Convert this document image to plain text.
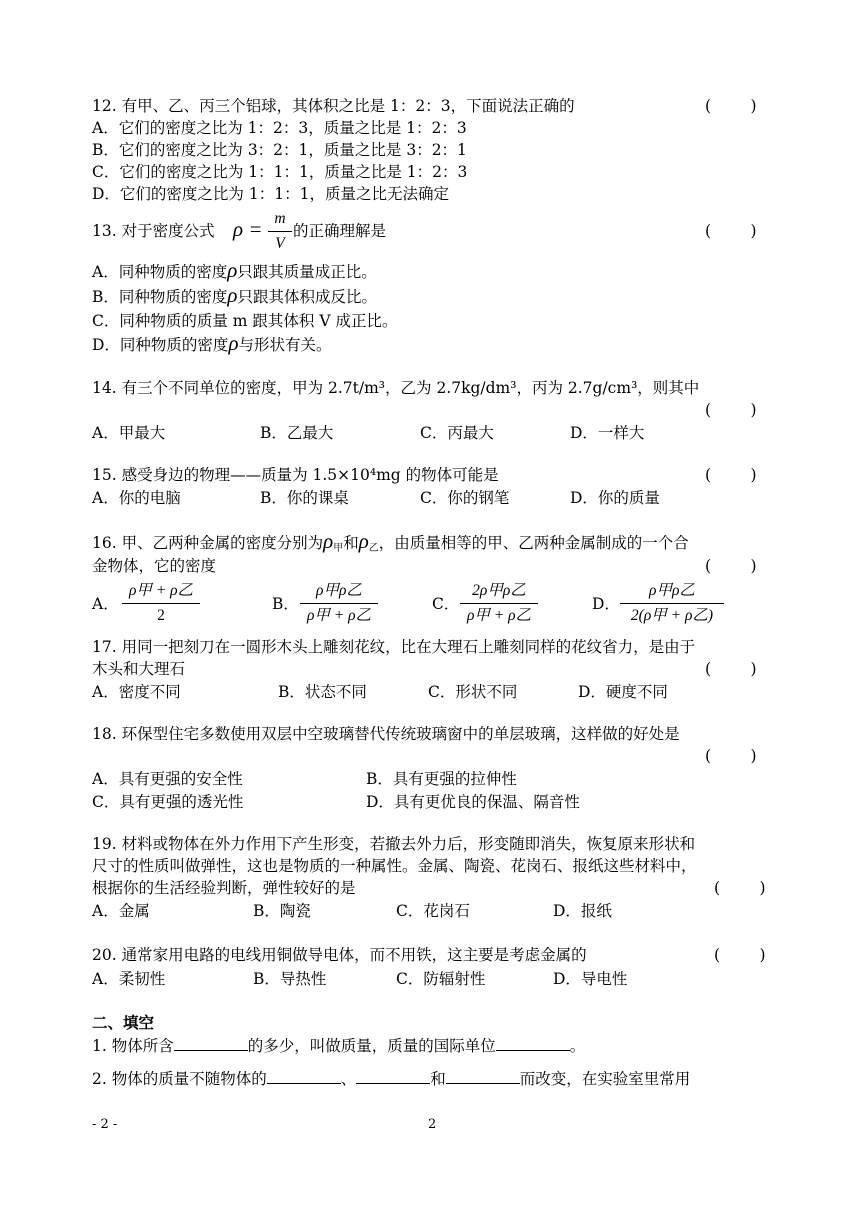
12. 有甲、乙、丙三个铝球，其体积之比是 1：2：3，下面说法正确的	(        )
A．它们的密度之比为 1：2：3，质量之比是 1：2：3
B．它们的密度之比为 3：2：1，质量之比是 3：2：1
C．它们的密度之比为 1：1：1，质量之比是 1：2：3
D．它们的密度之比为 1：1：1，质量之比无法确定
13. 对于密度公式 $\rho = \frac{m}{V}$ 的正确理解是	(        )
A．同种物质的密度ρ只跟其质量成正比。
B．同种物质的密度ρ只跟其体积成反比。
C．同种物质的质量 m 跟其体积 V 成正比。
D．同种物质的密度ρ与形状有关。
14. 有三个不同单位的密度，甲为 2.7t/m³，乙为 2.7kg/dm³，丙为 2.7g/cm³，则其中
(        )
A．甲最大	B．乙最大	C．丙最大	D．一样大
15. 感受身边的物理——质量为 1.5×10⁴mg 的物体可能是	(        )
A．你的电脑	B．你的课桌	C．你的钢笔	D．你的质量
16. 甲、乙两种金属的密度分别为$\rho_甲$和$\rho_乙$，由质量相等的甲、乙两种金属制成的一个合
金物体，它的密度	(        )
A．
ρ甲 + ρ乙
2
B．
ρ甲ρ乙
ρ甲 + ρ乙
C．
2ρ甲ρ乙
ρ甲 + ρ乙
D．
ρ甲ρ乙
2(ρ甲 + ρ乙)
17. 用同一把刻刀在一圆形木头上雕刻花纹，比在大理石上雕刻同样的花纹省力，是由于
木头和大理石	(        )
A．密度不同	B．状态不同	C．形状不同	D．硬度不同
18. 环保型住宅多数使用双层中空玻璃替代传统玻璃窗中的单层玻璃，这样做的好处是
(        )
A．具有更强的安全性	B．具有更强的拉伸性
C．具有更强的透光性	D．具有更优良的保温、隔音性
19. 材料或物体在外力作用下产生形变，若撤去外力后，形变随即消失，恢复原来形状和
尺寸的性质叫做弹性，这也是物质的一种属性。金属、陶瓷、花岗石、报纸这些材料中，
根据你的生活经验判断，弹性较好的是	(        )
A．金属	B．陶瓷	C．花岗石	D．报纸
20. 通常家用电路的电线用铜做导电体，而不用铁，这主要是考虑金属的	(        )
A．柔韧性	B．导热性	C．防辐射性	D．导电性
二、填空
1. 物体所含	的多少，叫做质量，质量的国际单位	。
2. 物体的质量不随物体的	、	和	而改变，在实验室里常用
- 2 -	2
